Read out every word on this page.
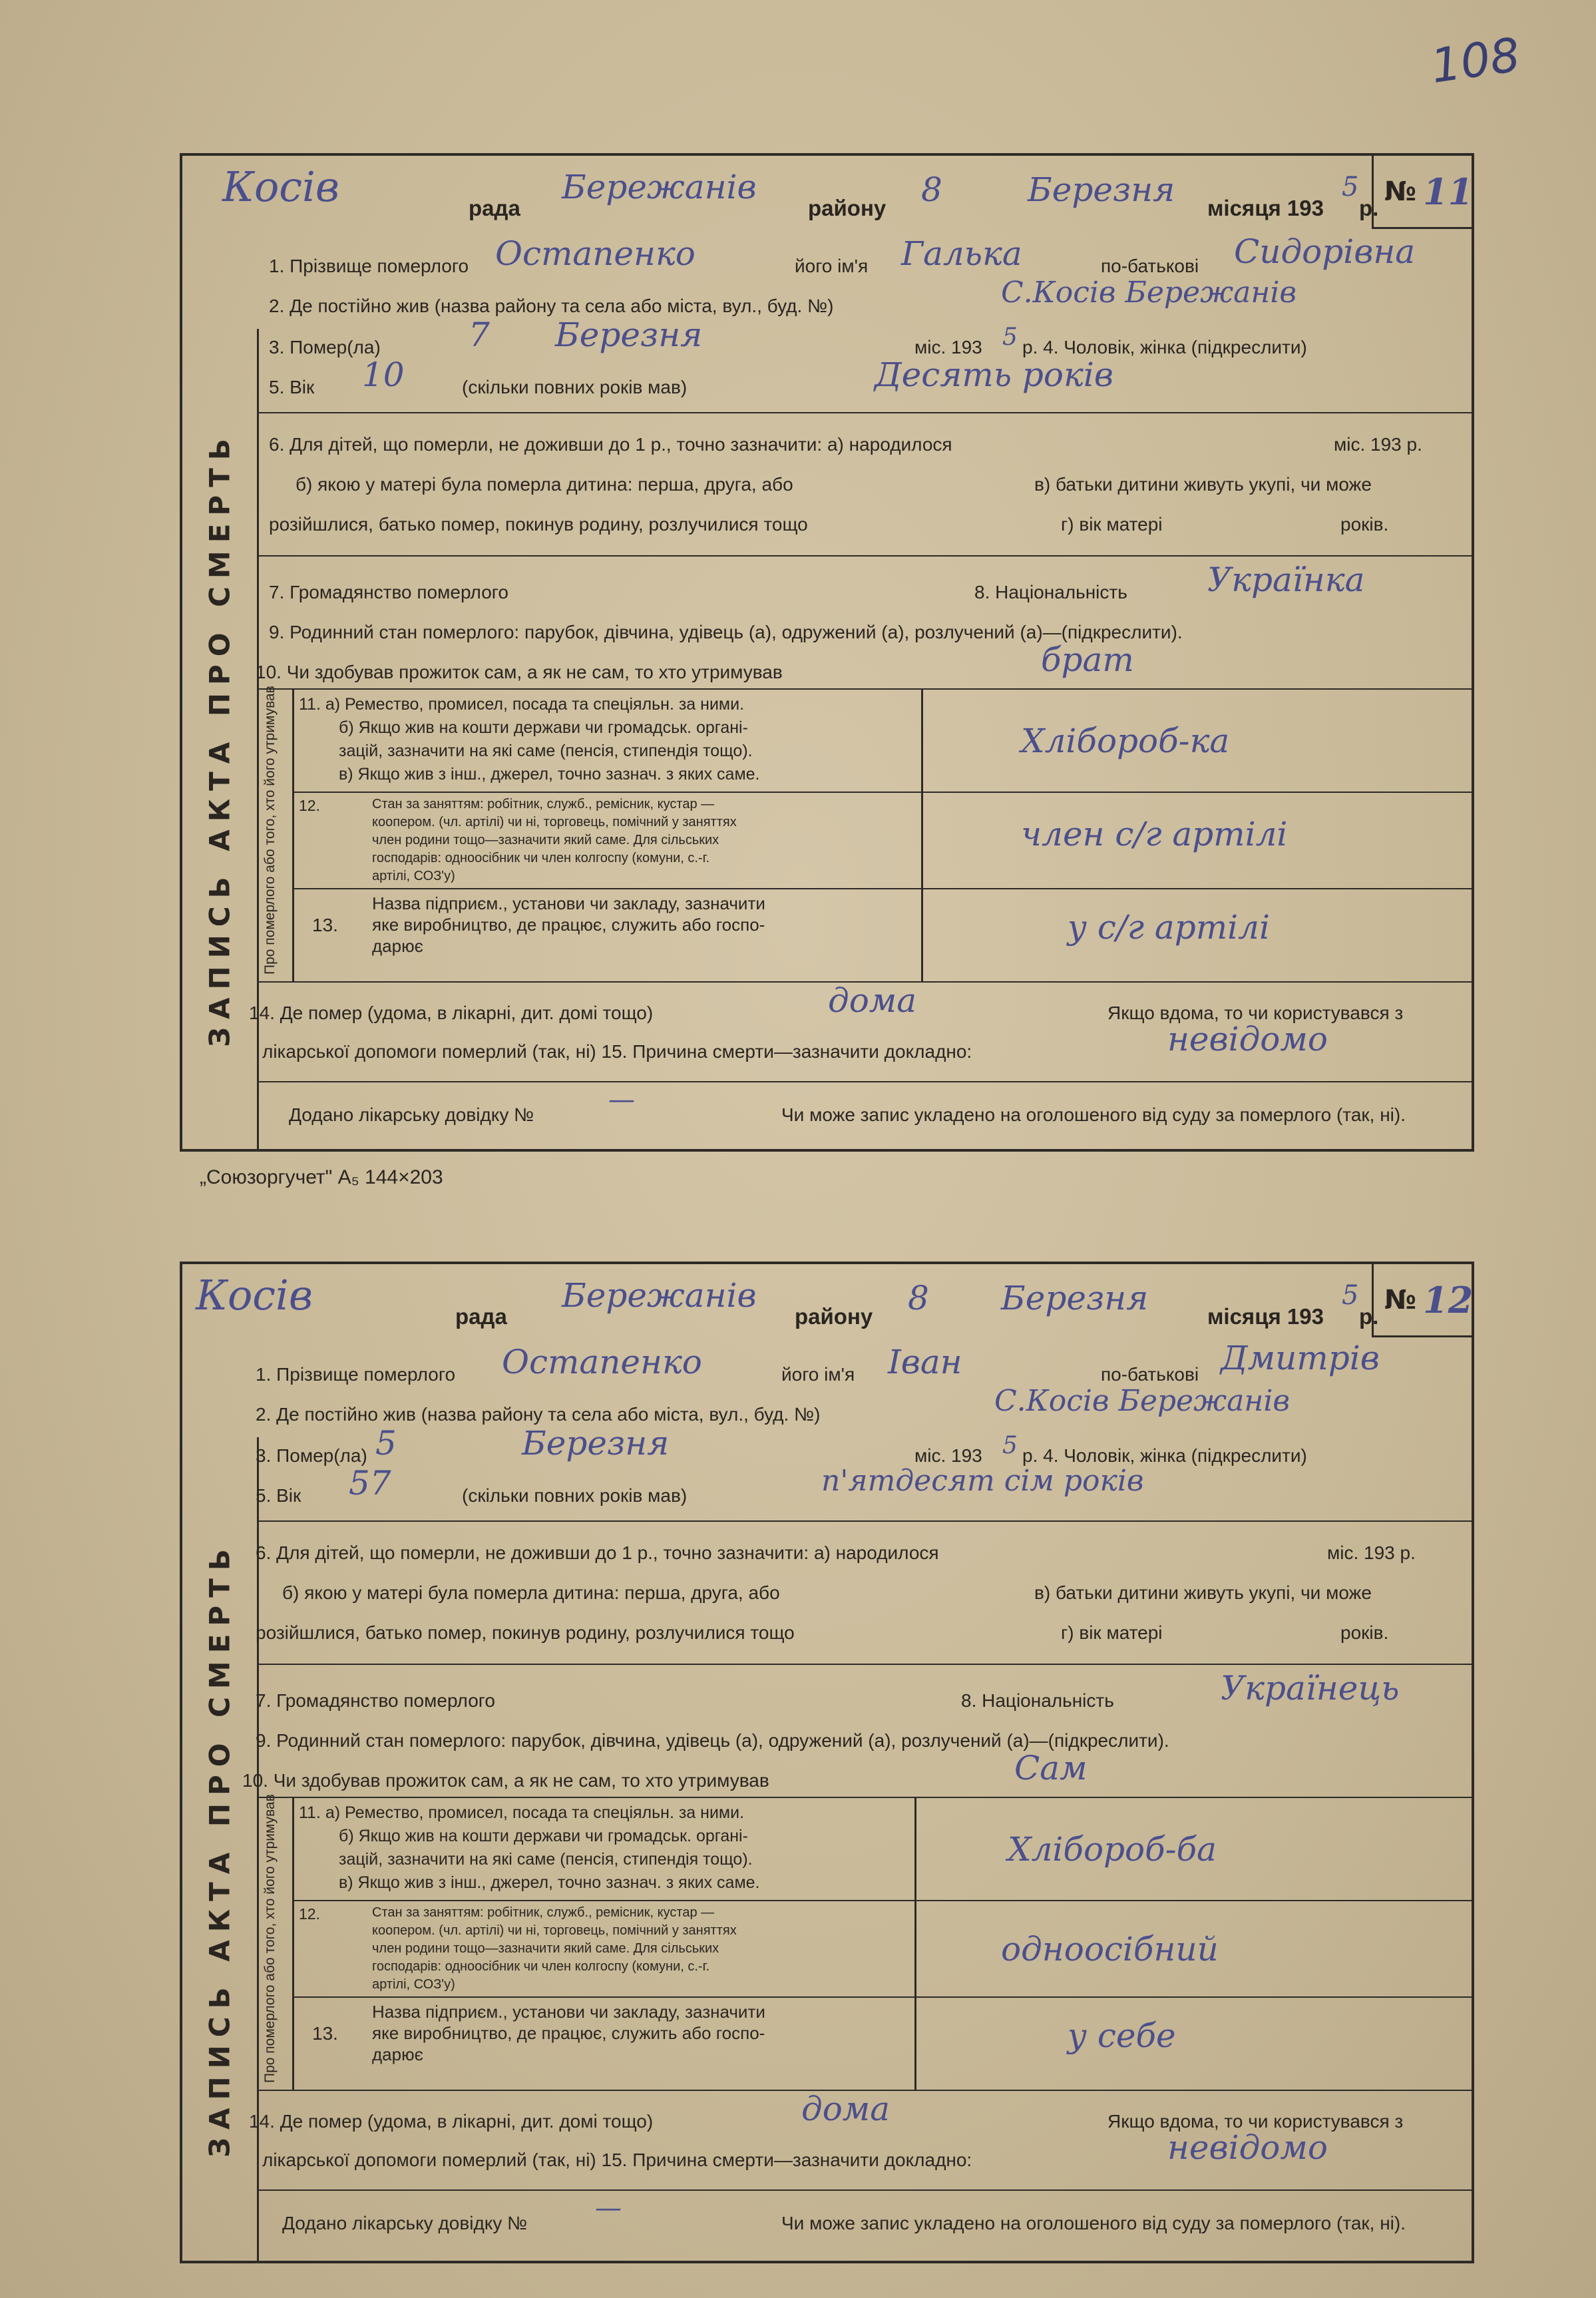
108
Косів	рада
Бережанів
району 8	Березня місяця 193
5
р.
№ 11
ЗАПИСЬ АКТА ПРО СМЕРТЬ
1. Прізвище померлого Остапенко	його ім'я Галька	по-батькові Сидорівна
2. Де постійно жив (назва району та села або міста, вул., буд. №)	С.Косів Бережанів
3. Помер(ла)	7 Березня	міс. 193 5 р. 4. Чоловік, жінка (підкреслити)
5. Вік 10	(скільки повних років мав)	Десять років
6. Для дітей, що померли, не доживши до 1 р., точно зазначити: а) народилося	міс. 193 р.
б) якою у матері була померла дитина: перша, друга, або	в) батьки дитини живуть укупі, чи може
розійшлися, батько помер, покинув родину, розлучилися тощо	г) вік матері	років.
7. Громадянство померлого	8. Національність Українка
9. Родинний стан померлого: парубок, дівчина, удівець (а), одружений (а), розлучений (а)—(підкреслити).
10. Чи здобував прожиток сам, а як не сам, то хто утримував	брат
Про померлого або того, хто його утримував 11. а) Ремество, промисел, посада та спеціяльн. за ними.
б) Якщо жив на кошти держави чи громадськ. органі-
зацій, зазначити на які саме (пенсія, стипендія тощо).
в) Якщо жив з інш., джерел, точно зазнач. з яких саме.
Хлібороб-ка
12.	Стан за заняттям: робітник, служб., ремісник, кустар —
коопером. (чл. артілі) чи ні, торговець, помічний у заняттях
член родини тощо—зазначити який саме. Для сільських
господарів: одноосібник чи член колгоспу (комуни, с.-г.
артілі, СОЗ'у)
член с/г артілі
13.
Назва підприєм., установи чи закладу, зазначити
яке виробництво, де працює, служить або госпо-
дарює	у с/г артілі
14. Де помер (удома, в лікарні, дит. домі тощо)	дома	Якщо вдома, то чи користувався з
лікарської допомоги померлий (так, ні) 15. Причина смерти—зазначити докладно:	невідомо
Додано лікарську довідку №	—	Чи може запис укладено на оголошеного від суду за померлого (так, ні).
„Союзоргучет" А₅ 144×203
Косів	рада
Бережанів
району 8 Березня	місяця 193
5
р.
№ 12
ЗАПИСЬ АКТА ПРО СМЕРТЬ
1. Прізвище померлого Остапенко	його ім'я Іван	по-батькові Дмитрів
2. Де постійно жив (назва району та села або міста, вул., буд. №)	С.Косів Бережанів
3. Помер(ла) 5	Березня	міс. 193 5 р. 4. Чоловік, жінка (підкреслити)
5. Вік 57	(скільки повних років мав)	п'ятдесят сім років
6. Для дітей, що померли, не доживши до 1 р., точно зазначити: а) народилося	міс. 193 р.
б) якою у матері була померла дитина: перша, друга, або	в) батьки дитини живуть укупі, чи може
розійшлися, батько помер, покинув родину, розлучилися тощо	г) вік матері	років.
7. Громадянство померлого	8. Національність	Українець
9. Родинний стан померлого: парубок, дівчина, удівець (а), одружений (а), розлучений (а)—(підкреслити).
10. Чи здобував прожиток сам, а як не сам, то хто утримував	Сам
Про померлого або того, хто його утримував 11. а) Ремество, промисел, посада та спеціяльн. за ними.
б) Якщо жив на кошти держави чи громадськ. органі-
зацій, зазначити на які саме (пенсія, стипендія тощо).
в) Якщо жив з інш., джерел, точно зазнач. з яких саме.
Хлібороб-ба
12.	Стан за заняттям: робітник, служб., ремісник, кустар —
коопером. (чл. артілі) чи ні, торговець, помічний у заняттях
член родини тощо—зазначити який саме. Для сільських
господарів: одноосібник чи член колгоспу (комуни, с.-г.
артілі, СОЗ'у)
одноосібний
13.
Назва підприєм., установи чи закладу, зазначити
яке виробництво, де працює, служить або госпо-
дарює	у себе
14. Де помер (удома, в лікарні, дит. домі тощо)	дома	Якщо вдома, то чи користувався з
лікарської допомоги померлий (так, ні) 15. Причина смерти—зазначити докладно:	невідомо
Додано лікарську довідку №	—	Чи може запис укладено на оголошеного від суду за померлого (так, ні).
